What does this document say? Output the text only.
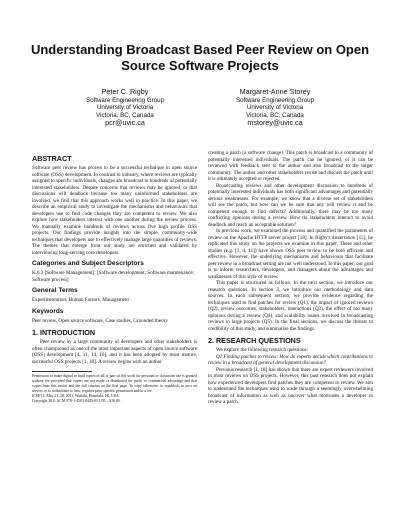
Understanding Broadcast Based Peer Review on Open Source Software Projects
Peter C. Rigby
Software Engineering Group
University of Victoria
Victoria, BC, Canada
pcr@uvic.ca
Margaret-Anne Storey
Software Engineering Group
University of Victoria
Victoria, BC, Canada
mstorey@uvic.ca
ABSTRACT

Software peer review has proven to be a successful technique in open source software (OSS) development. In contrast to industry, where reviews are typically assigned to specific individuals, changes are broadcast to hundreds of potentially interested stakeholders. Despite concerns that reviews may be ignored, or that discussions will deadlock because too many uninformed stakeholders are involved, we find that this approach works well in practice. In this paper, we describe an empirical study to investigate the mechanisms and behaviours that developers use to find code changes they are competent to review. We also explore how stakeholders interact with one another during the review process. We manually examine hundreds of reviews across five high profile OSS projects. Our findings provide insights into the simple, community-wide techniques that developers use to effectively manage large quantities of reviews. The themes that emerge from our study are enriched and validated by interviewing long-serving core developers.

Categories and Subject Descriptors

K.6.3 [Software Management]: [Software development; Software maintenance; Software process]

General Terms

Experimentation, Human Factors, Management

Keywords

Peer review, Open source software, Case studies, Grounded theory

1. INTRODUCTION

Peer review by a large community of developers and other stakeholders is often championed as one of the most important aspects of open source software (OSS) development [4, 11, 14, 16], and it has been adopted by most mature, successful OSS projects [1, 18]. A review begins with an author

Permission to make digital or hard copies of all or part of this work for personal or classroom use is granted without fee provided that copies are not made or distributed for profit or commercial advantage and that copies bear this notice and the full citation on the first page. To copy otherwise, to republish, to post on servers or to redistribute to lists, requires prior specific permission and/or a fee.

ICSE'11, May 21–28, 2011, Waikiki, Honolulu, HI, USA

Copyright 2011 ACM 978-1-4503-0445-0/11/05 ...$10.00.

creating a patch (a software change). This patch is broadcast to a community of potentially interested individuals. The patch can be ignored, or it can be reviewed with feedback sent to the author and also broadcast to the larger community. The author and other stakeholders revise and discuss the patch until it is ultimately accepted or rejected.

Broadcasting reviews and other development discussion to hundreds of potentially interested individuals has both significant advantages and potentially serious weaknesses. For example, we know that a diverse set of stakeholders will see the patch, but how can we be sure that any will review it and be competent enough to find defects? Additionally, there may be too many conflicting opinions during a review. How do stakeholders interact to avoid deadlock and reach an acceptable solution?

In previous work, we examined the process and quantified the parameters of review on the Apache HTTP server project [18]. In Rigby's dissertation [15], he replicated this study on the projects we examine in this paper. These and other studies (e.g. [1, 4, 11]) have shown OSS peer review to be both efficient and effective. However, the underlying mechanisms and behaviours that facilitate peer review in a broadcast setting are not well understood. In this paper, our goal is to inform researchers, developers, and managers about the advantages and weaknesses of this style of review.

This paper is structured as follows. In the next section, we introduce our research questions. In section 3, we introduce our methodology and data sources. In each subsequent section, we provide evidence regarding the techniques used to find patches for review (Q1), the impact of ignored reviews (Q2), review outcomes, stakeholders, interactions (Q3), the effect of too many opinions during a review (Q4), and scalability issues involved in broadcasting reviews in large projects (Q5). In the final sections, we discuss the threats to credibility of this study, and summarize the findings.

2. RESEARCH QUESTIONS

We explore the following research questions:

Q1 Finding patches to review: How do experts decide which contributions to review in a broadcast of general development discussion?

Previous research [1, 18] has shown that there are expert reviewers involved in most reviews on OSS projects. However, this past research does not explain how experienced developers find patches they are competent to review. We aim to understand the techniques used to wade through a seemingly overwhelming broadcast of information as well as uncover what motivates a developer to review a patch.
